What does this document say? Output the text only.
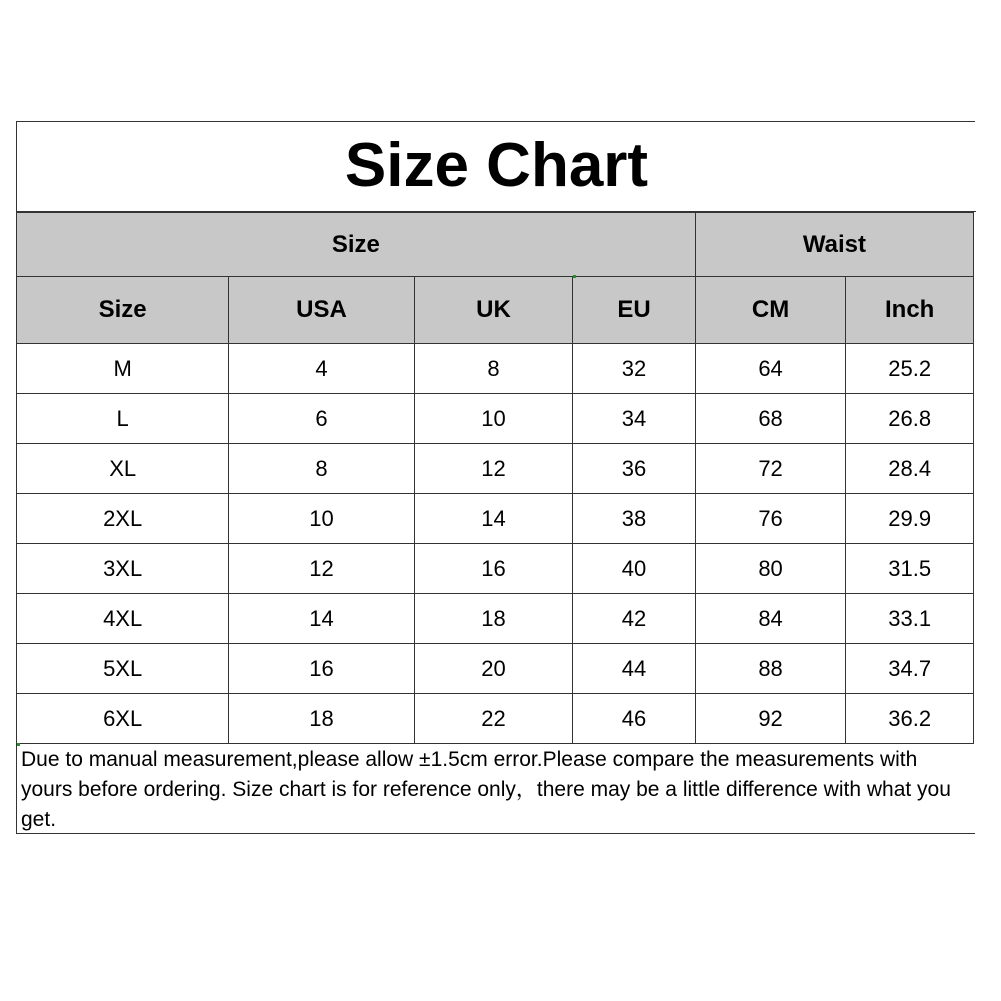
Size Chart
Size				Waist	
Size	USA	UK	EU	CM	Inch
M	4	8	32	64	25.2
L	6	10	34	68	26.8
XL	8	12	36	72	28.4
2XL	10	14	38	76	29.9
3XL	12	16	40	80	31.5
4XL	14	18	42	84	33.1
5XL	16	20	44	88	34.7
6XL	18	22	46	92	36.2

Due to manual measurement,please allow ±1.5cm error.Please compare the measurements with yours before ordering. Size chart is for reference only，there may be a little difference with what you get.
